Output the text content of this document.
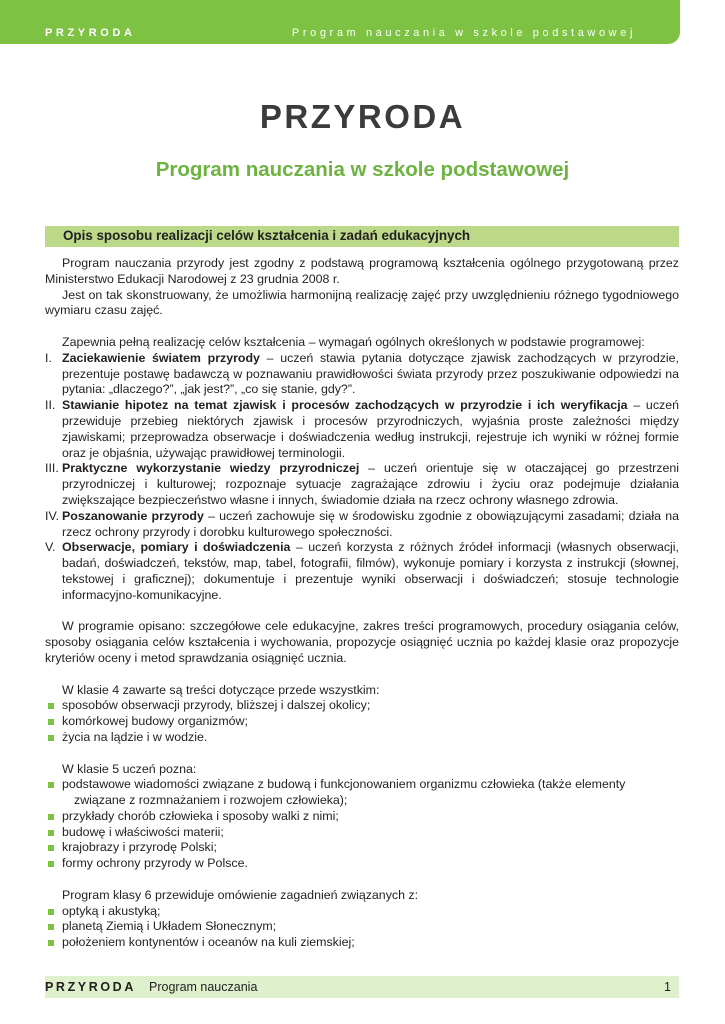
PRZYRODA	Program nauczania w szkole podstawowej
PRZYRODA
Program nauczania w szkole podstawowej
Opis sposobu realizacji celów kształcenia i zadań edukacyjnych

Program nauczania przyrody jest zgodny z podstawą programową kształcenia ogólnego przygotowaną przez Ministerstwo Edukacji Narodowej z 23 grudnia 2008 r.

Jest on tak skonstruowany, że umożliwia harmonijną realizację zajęć przy uwzględnieniu różnego tygodniowego wymiaru czasu zajęć.

Zapewnia pełną realizację celów kształcenia – wymagań ogólnych określonych w podstawie programowej:

I. Zaciekawienie światem przyrody – uczeń stawia pytania dotyczące zjawisk zachodzących w przyrodzie, prezentuje postawę badawczą w poznawaniu prawidłowości świata przyrody przez poszukiwanie odpowiedzi na pytania: „dlaczego?”, „jak jest?”, „co się stanie, gdy?”.
II. Stawianie hipotez na temat zjawisk i procesów zachodzących w przyrodzie i ich weryfikacja – uczeń przewiduje przebieg niektórych zjawisk i procesów przyrodniczych, wyjaśnia proste zależności między zjawiskami; przeprowadza obserwacje i doświadczenia według instrukcji, rejestruje ich wyniki w różnej formie oraz je objaśnia, używając prawidłowej terminologii.
III. Praktyczne wykorzystanie wiedzy przyrodniczej – uczeń orientuje się w otaczającej go przestrzeni przyrodniczej i kulturowej; rozpoznaje sytuacje zagrażające zdrowiu i życiu oraz podejmuje działania zwiększające bezpieczeństwo własne i innych, świadomie działa na rzecz ochrony własnego zdrowia.
IV. Poszanowanie przyrody – uczeń zachowuje się w środowisku zgodnie z obowiązującymi zasadami; działa na rzecz ochrony przyrody i dorobku kulturowego społeczności.
V. Obserwacje, pomiary i doświadczenia – uczeń korzysta z różnych źródeł informacji (własnych obserwacji, badań, doświadczeń, tekstów, map, tabel, fotografii, filmów), wykonuje pomiary i korzysta z instrukcji (słownej, tekstowej i graficznej); dokumentuje i prezentuje wyniki obserwacji i doświadczeń; stosuje technologie informacyjno-komunikacyjne.

W programie opisano: szczegółowe cele edukacyjne, zakres treści programowych, procedury osiągania celów, sposoby osiągania celów kształcenia i wychowania, propozycje osiągnięć ucznia po każdej klasie oraz propozycje kryteriów oceny i metod sprawdzania osiągnięć ucznia.

W klasie 4 zawarte są treści dotyczące przede wszystkim:

sposobów obserwacji przyrody, bliższej i dalszej okolicy;
komórkowej budowy organizmów;
życia na lądzie i w wodzie.

W klasie 5 uczeń pozna:

podstawowe wiadomości związane z budową i funkcjonowaniem organizmu człowieka (także elementy
związane z rozmnażaniem i rozwojem człowieka);
przykłady chorób człowieka i sposoby walki z nimi;
budowę i właściwości materii;
krajobrazy i przyrodę Polski;
formy ochrony przyrody w Polsce.

Program klasy 6 przewiduje omówienie zagadnień związanych z:

optyką i akustyką;
planetą Ziemią i Układem Słonecznym;
położeniem kontynentów i oceanów na kuli ziemskiej;
PRZYRODA Program nauczania	1
